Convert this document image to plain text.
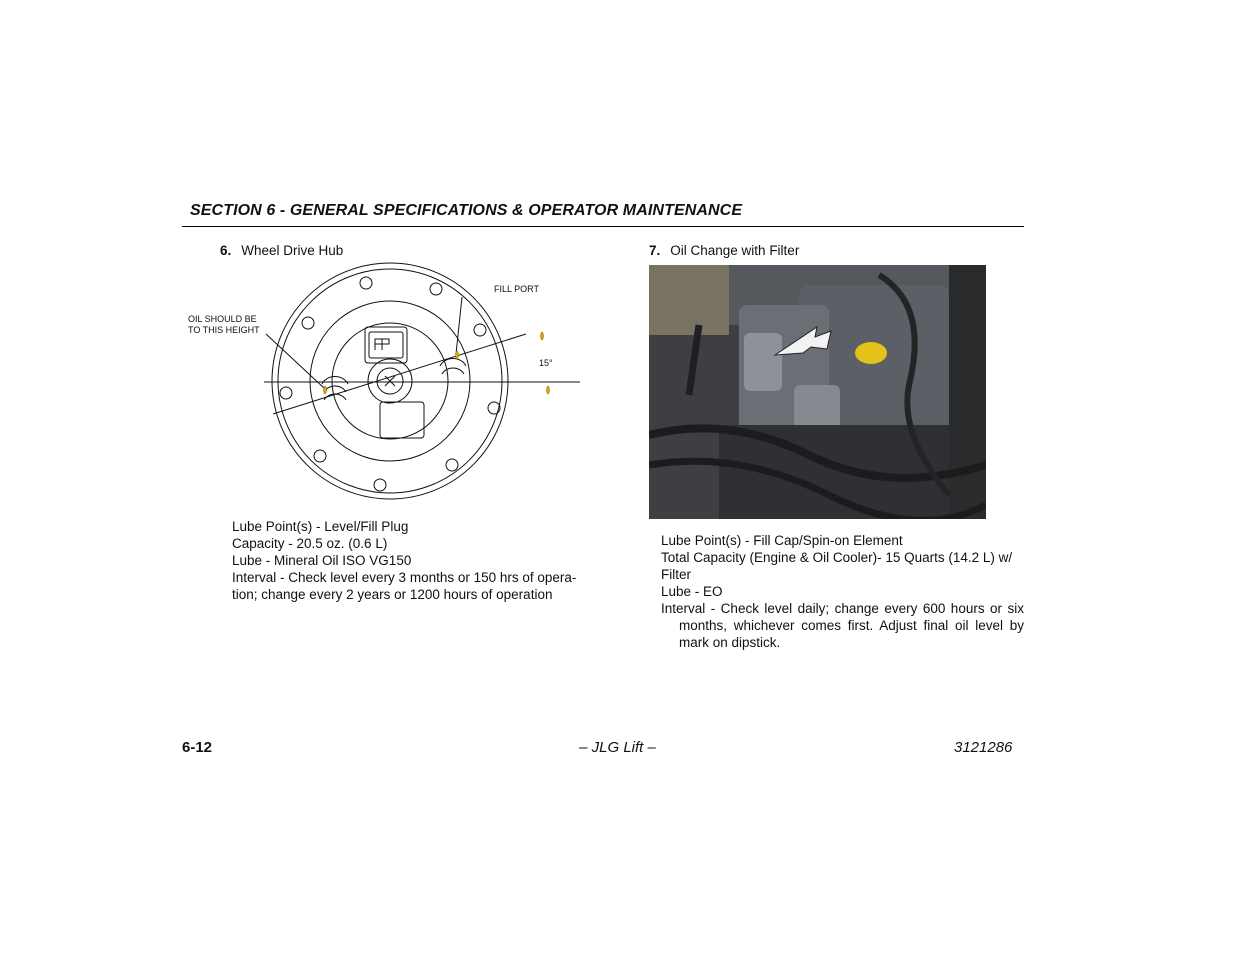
SECTION 6 - GENERAL SPECIFICATIONS & OPERATOR MAINTENANCE
6. Wheel Drive Hub
FILL PORT
OIL SHOULD BE
TO THIS HEIGHT
15°
Lube Point(s) - Level/Fill Plug
Capacity - 20.5 oz. (0.6 L)
Lube - Mineral Oil ISO VG150
Interval - Check level every 3 months or 150 hrs of opera-
tion; change every 2 years or 1200 hours of operation
7. Oil Change with Filter
Lube Point(s) - Fill Cap/Spin-on Element
Total Capacity (Engine & Oil Cooler)- 15 Quarts (14.2 L) w/ Filter
Lube - EO
Interval - Check level daily; change every 600 hours or six months, whichever comes first. Adjust final oil level by mark on dipstick.
6-12	– JLG Lift –	3121286
